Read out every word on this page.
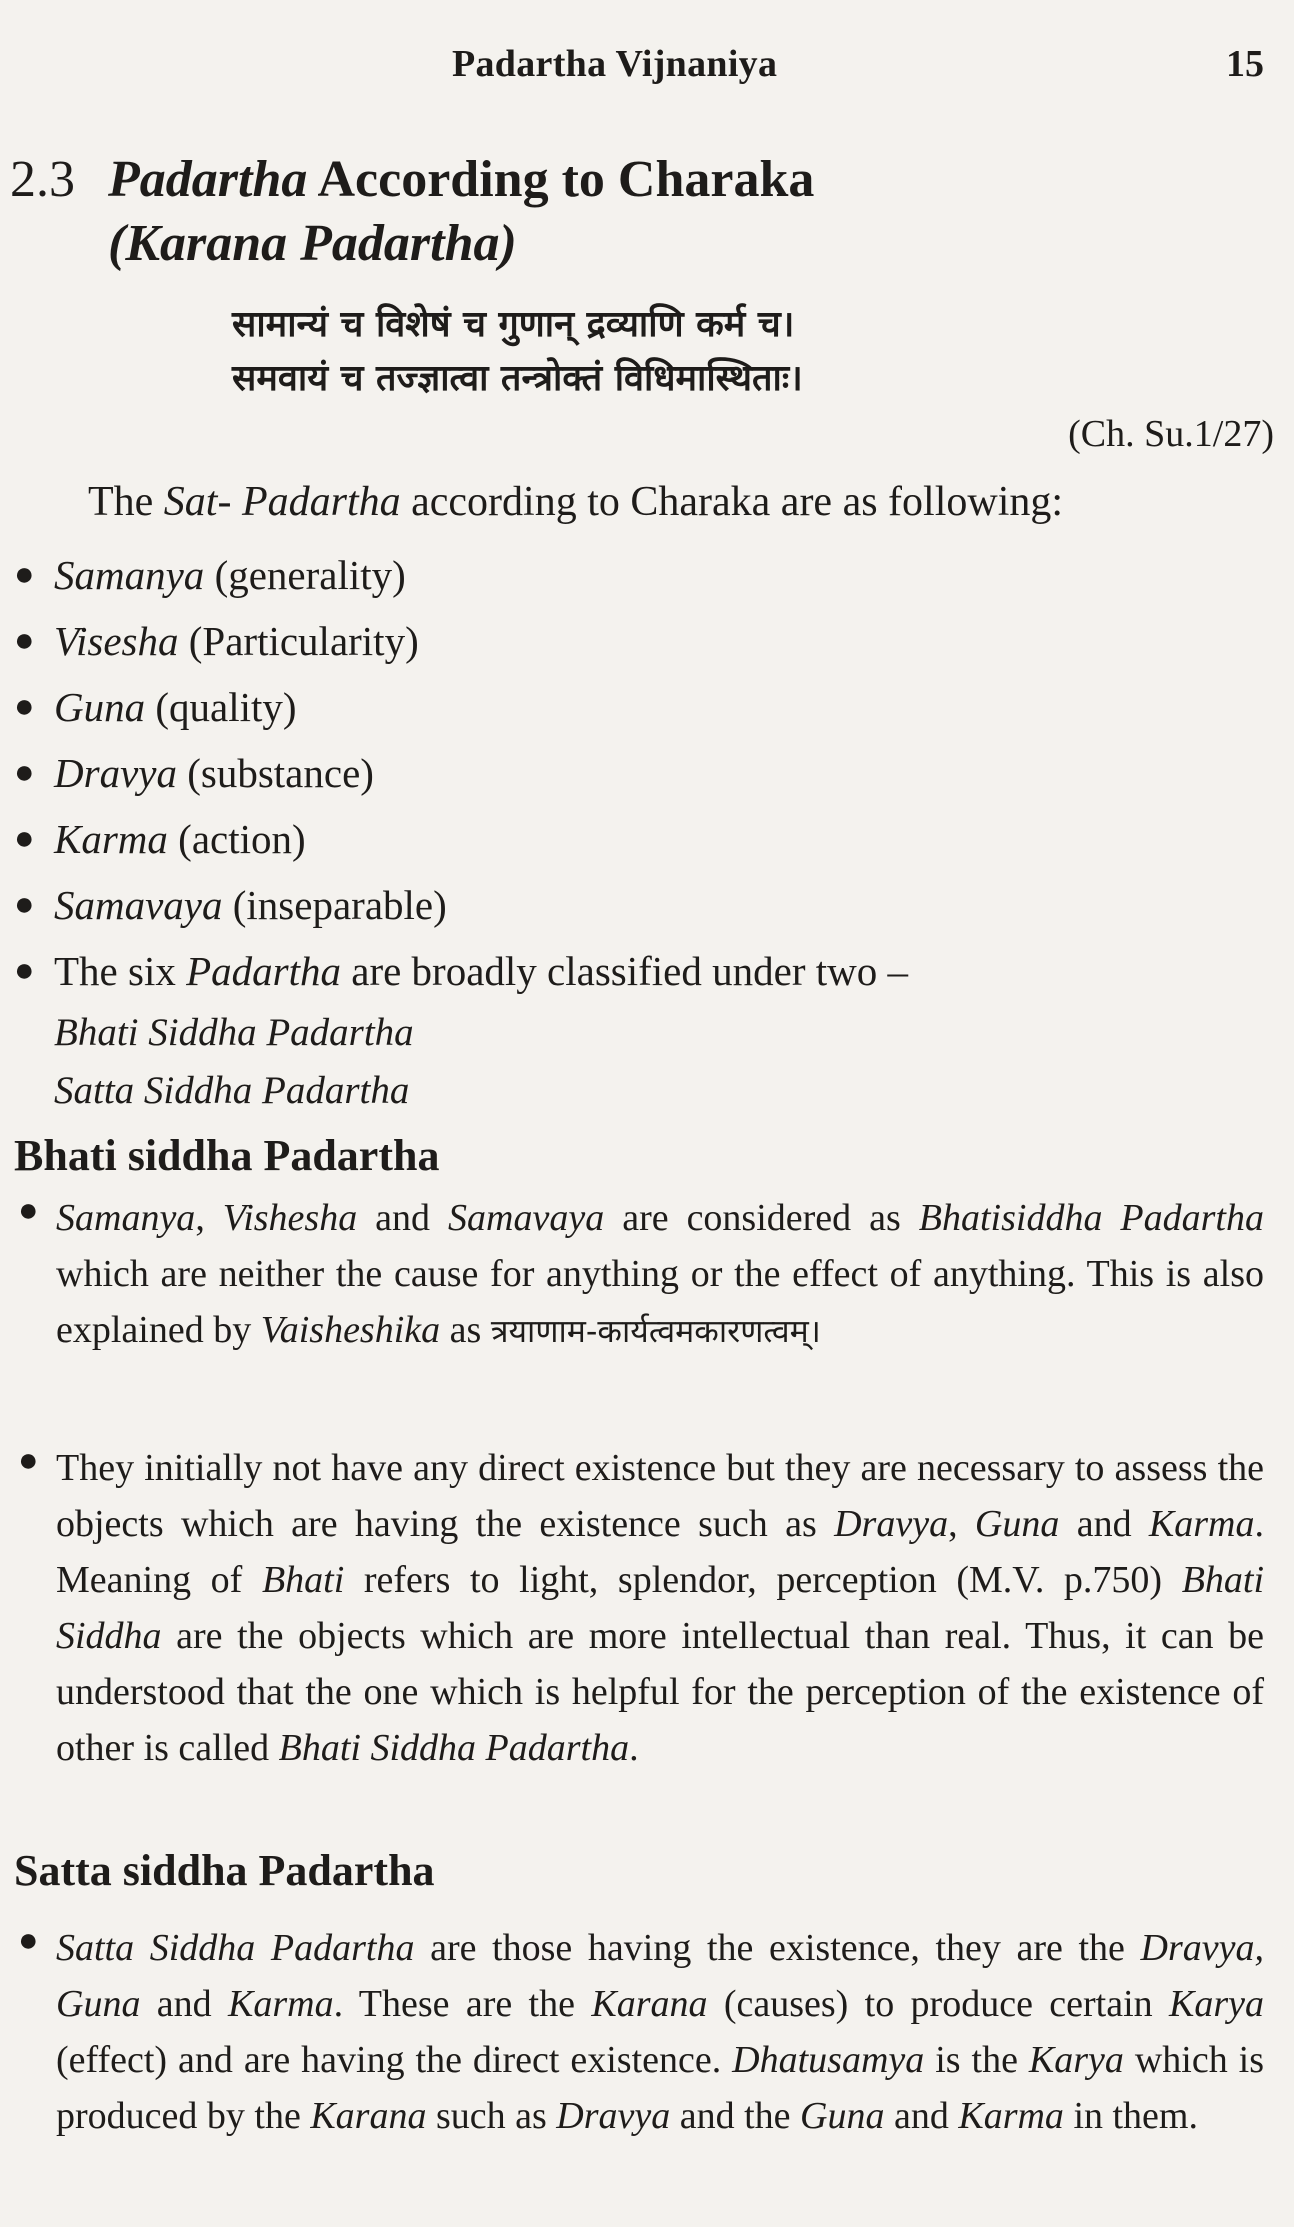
Padartha Vijnaniya	15
2.3 Padartha According to Charaka
(Karana Padartha)
सामान्यं च विशेषं च गुणान् द्रव्याणि कर्म च।
समवायं च तज्ज्ञात्वा तन्त्रोक्तं विधिमास्थिताः।
(Ch. Su.1/27)
The Sat- Padartha according to Charaka are as following:
● Samanya (generality)
● Visesha (Particularity)
● Guna (quality)
● Dravya (substance)
● Karma (action)
● Samavaya (inseparable)
● The six Padartha are broadly classified under two –
Bhati Siddha Padartha
Satta Siddha Padartha
Bhati siddha Padartha
● Samanya, Vishesha and Samavaya are considered as Bhatisiddha Padartha which are neither the cause for anything or the effect of anything. This is also explained by Vaisheshika as त्रयाणाम-कार्यत्वमकारणत्वम्।

● They initially not have any direct existence but they are necessary to assess the objects which are having the existence such as Dravya, Guna and Karma. Meaning of Bhati refers to light, splendor, perception (M.V. p.750) Bhati Siddha are the objects which are more intellectual than real. Thus, it can be understood that the one which is helpful for the perception of the existence of other is called Bhati Siddha Padartha.

Satta siddha Padartha
● Satta Siddha Padartha are those having the existence, they are the Dravya, Guna and Karma. These are the Karana (causes) to produce certain Karya (effect) and are having the direct existence. Dhatusamya is the Karya which is produced by the Karana such as Dravya and the Guna and Karma in them.
